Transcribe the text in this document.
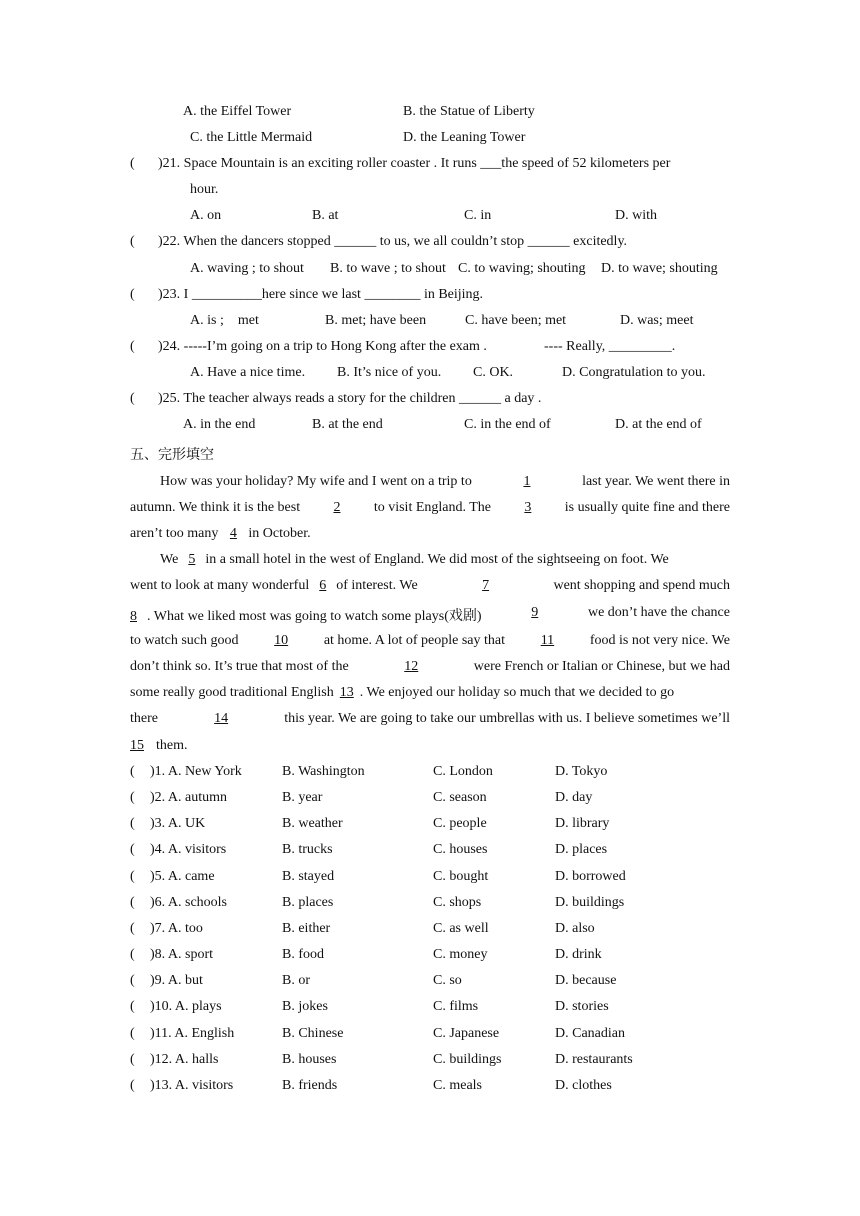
A. the Eiffel Tower	B. the Statue of Liberty
C. the Little Mermaid	D. the Leaning Tower
( )21. Space Mountain is an exciting roller coaster . It runs ___the speed of 52 kilometers per
hour.
A. on	B. at	C. in	D. with
( )22. When the dancers stopped ______ to us, we all couldn’t stop ______ excitedly.
A. waving ; to shout B. to wave ; to shout C. to waving; shouting D. to wave; shouting
( )23. I __________here since we last ________ in Beijing.
A. is ;    met	B. met; have been	C. have been; met	D. was; meet
( )24. -----I’m going on a trip to Hong Kong after the exam .	---- Really, _________.
A. Have a nice time. B. It’s nice of you. C. OK.	D. Congratulation to you.
( )25. The teacher always reads a story for the children ______ a day .
A. in the end	B. at the end	C. in the end of	D. at the end of
五、完形填空
How was your holiday? My wife and I went on a trip to	1	last year. We went there in
autumn. We think it is the best	2	to visit England. The	3	is usually quite fine and there
aren’t too many 4 in October.
We 5 in a small hotel in the west of England. We did most of the sightseeing on foot. We
went to look at many wonderful 6 of interest. We	7	went shopping and spend much
8 . What we liked most was going to watch some plays(戏剧)	9	we don’t have the chance
to watch such good	10	at home. A lot of people say that	11	food is not very nice. We
don’t think so. It’s true that most of the	12	were French or Italian or Chinese, but we had
some really good traditional English 13 . We enjoyed our holiday so much that we decided to go
there	14	this year. We are going to take our umbrellas with us. I believe sometimes we’ll
15 them.
( )1. A. New York	B. Washington	C. London	D. Tokyo
( )2. A. autumn	B. year	C. season	D. day
( )3. A. UK	B. weather	C. people	D. library
( )4. A. visitors	B. trucks	C. houses	D. places
( )5. A. came	B. stayed	C. bought	D. borrowed
( )6. A. schools	B. places	C. shops	D. buildings
( )7. A. too	B. either	C. as well	D. also
( )8. A. sport	B. food	C. money	D. drink
( )9. A. but	B. or	C. so	D. because
( )10. A. plays	B. jokes	C. films	D. stories
( )11. A. English	B. Chinese	C. Japanese	D. Canadian
( )12. A. halls	B. houses	C. buildings	D. restaurants
( )13. A. visitors	B. friends	C. meals	D. clothes
